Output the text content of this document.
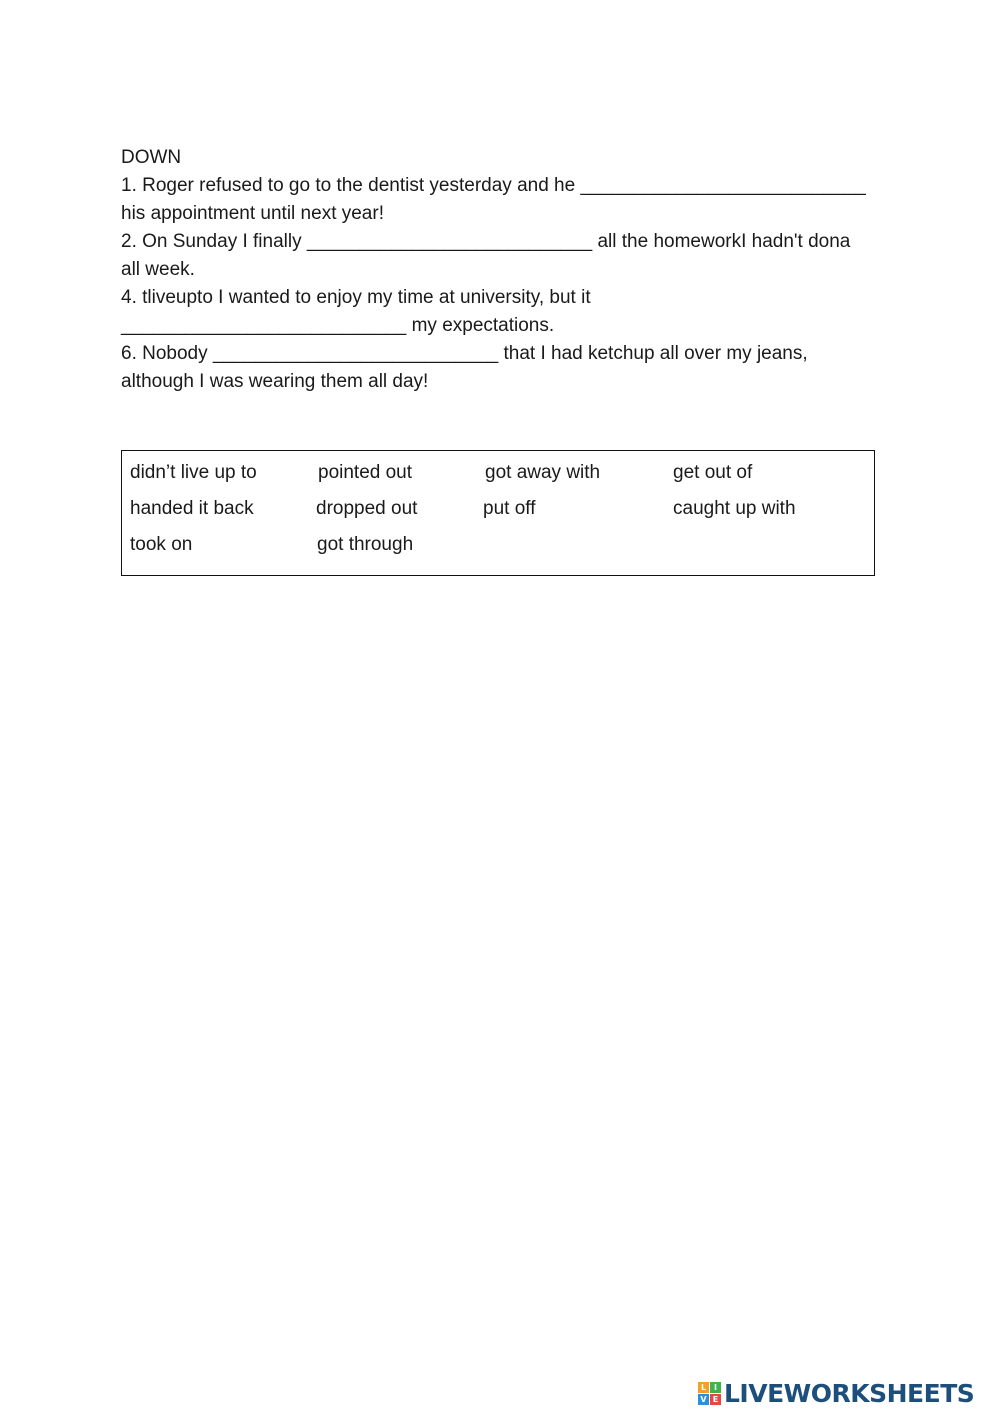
DOWN

1. Roger refused to go to the dentist yesterday and he ___________________________

his appointment until next year!

2. On Sunday I finally ___________________________ all the homeworkI hadn't dona

all week.

4. tliveupto I wanted to enjoy my time at university, but it

___________________________ my expectations.

6. Nobody ___________________________ that I had ketchup all over my jeans,

although I was wearing them all day!

didn’t live up to	pointed out	got away with	get out of
handed it back	dropped out	put off	caught up with
took on	got through
L I
V E LIVEWORKSHEETS
